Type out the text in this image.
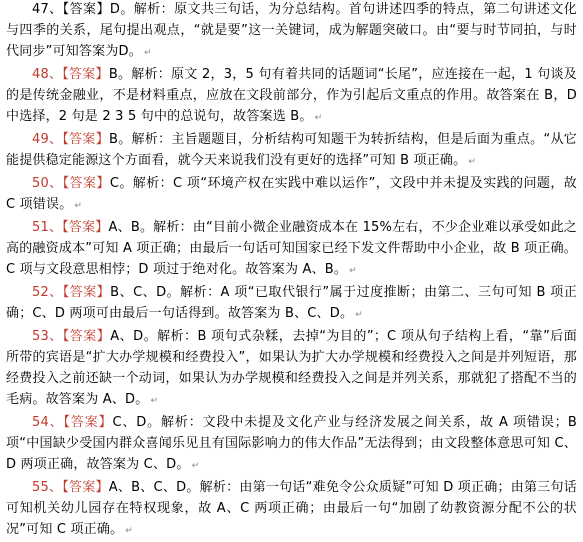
47、【答案】D。解析：原文共三句话，为分总结构。首句讲述四季的特点，第二句讲述文化与四季的关系，尾句提出观点，“就是要”这一关键词，成为解题突破口。由“要与时节同拍，与时代同步”可知答案为D。 ↵

48、【答案】B。解析：原文 2，3，5 句有着共同的话题词“长尾”，应连接在一起，1 句谈及的是传统金融业，不是材料重点，应放在文段前部分，作为引起后文重点的作用。故答案在 B，D 中选择，2 句是 2 3 5 句中的总说句，故答案选 B。 ↵

49、【答案】B。解析：主旨题题目，分析结构可知题干为转折结构，但是后面为重点。“从它能提供稳定能源这个方面看，就今天来说我们没有更好的选择”可知 B 项正确。 ↵

50、【答案】C。解析：C 项“环境产权在实践中难以运作”，文段中并未提及实践的问题，故 C 项错误。 ↵

51、【答案】A、B。解析：由“目前小微企业融资成本在 15%左右，不少企业难以承受如此之高的融资成本”可知 A 项正确；由最后一句话可知国家已经下发文件帮助中小企业，故 B 项正确。C 项与文段意思相悖；D 项过于绝对化。故答案为 A、B。 ↵

52、【答案】B、C、D。解析：A 项“已取代银行”属于过度推断；由第二、三句可知 B 项正确；C、D 两项可由最后一句话得到。故答案为 B、C、D。 ↵

53、【答案】A、D。解析：B 项句式杂糅，去掉“为目的”；C 项从句子结构上看，“靠”后面所带的宾语是“扩大办学规模和经费投入”，如果认为扩大办学规模和经费投入之间是并列短语，那经费投入之前还缺一个动词，如果认为办学规模和经费投入之间是并列关系，那就犯了搭配不当的毛病。故答案为 A、D。 ↵

54、【答案】C、D。解析：文段中未提及文化产业与经济发展之间关系，故 A 项错误；B 项“中国缺少受国内群众喜闻乐见且有国际影响力的伟大作品”无法得到；由文段整体意思可知 C、D 两项正确，故答案为 C、D。 ↵

55、【答案】A、B、C、D。解析：由第一句话“难免令公众质疑”可知 D 项正确；由第三句话可知机关幼儿园存在特权现象，故 A、C 两项正确；由最后一句“加剧了幼教资源分配不公的状况”可知 C 项正确。 ↵
